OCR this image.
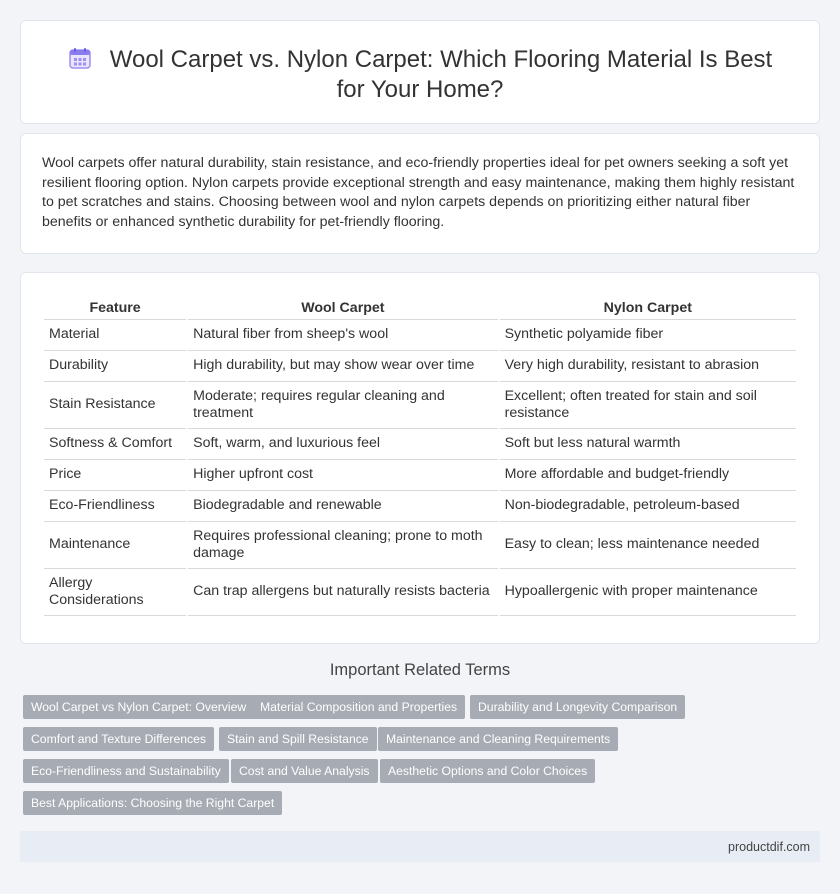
Wool Carpet vs. Nylon Carpet: Which Flooring Material Is Best for Your Home?

Wool carpets offer natural durability, stain resistance, and eco-friendly properties ideal for pet owners seeking a soft yet resilient flooring option. Nylon carpets provide exceptional strength and easy maintenance, making them highly resistant to pet scratches and stains. Choosing between wool and nylon carpets depends on prioritizing either natural fiber benefits or enhanced synthetic durability for pet-friendly flooring.

Feature	Wool Carpet	Nylon Carpet
Material	Natural fiber from sheep's wool	Synthetic polyamide fiber
Durability	High durability, but may show wear over time	Very high durability, resistant to abrasion
Stain Resistance	Moderate; requires regular cleaning and treatment	Excellent; often treated for stain and soil resistance
Softness & Comfort	Soft, warm, and luxurious feel	Soft but less natural warmth
Price	Higher upfront cost	More affordable and budget-friendly
Eco-Friendliness	Biodegradable and renewable	Non-biodegradable, petroleum-based
Maintenance	Requires professional cleaning; prone to moth damage	Easy to clean; less maintenance needed
Allergy Considerations	Can trap allergens but naturally resists bacteria	Hypoallergenic with proper maintenance
Important Related Terms
Wool Carpet vs Nylon Carpet: Overview	Material Composition and Properties	Durability and Longevity Comparison
Comfort and Texture Differences	Stain and Spill Resistance	Maintenance and Cleaning Requirements
Eco-Friendliness and Sustainability	Cost and Value Analysis	Aesthetic Options and Color Choices
Best Applications: Choosing the Right Carpet
productdif.com
